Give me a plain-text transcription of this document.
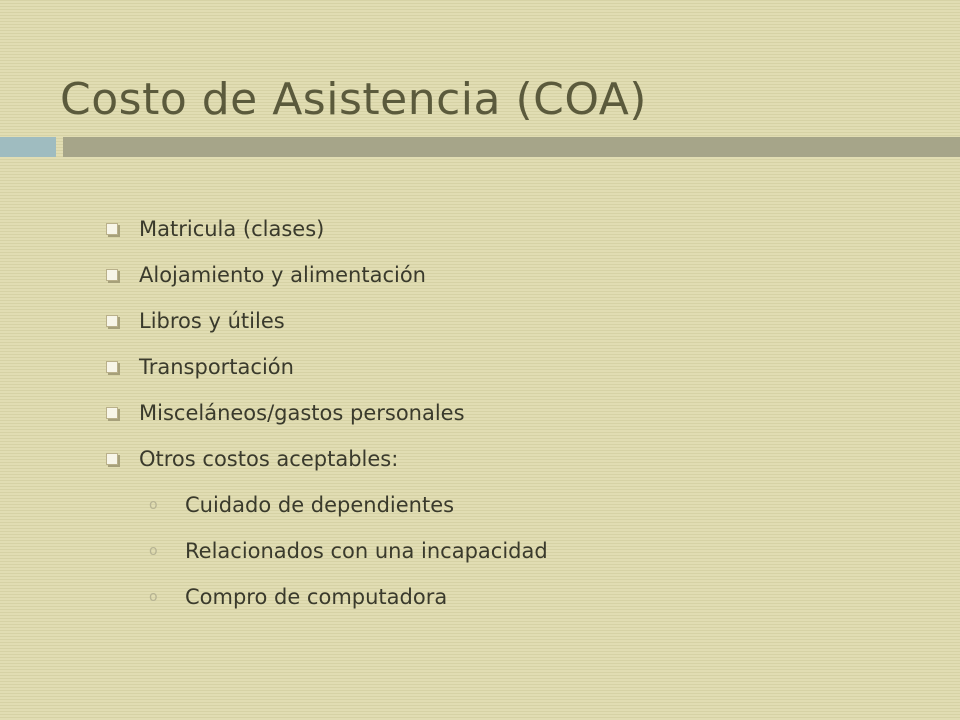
Costo de Asistencia (COA)
Matricula (clases)
Alojamiento y alimentación
Libros y útiles
Transportación
Misceláneos/gastos personales
Otros costos aceptables:
o	Cuidado de dependientes
o	Relacionados con una incapacidad
o	Compro de computadora
